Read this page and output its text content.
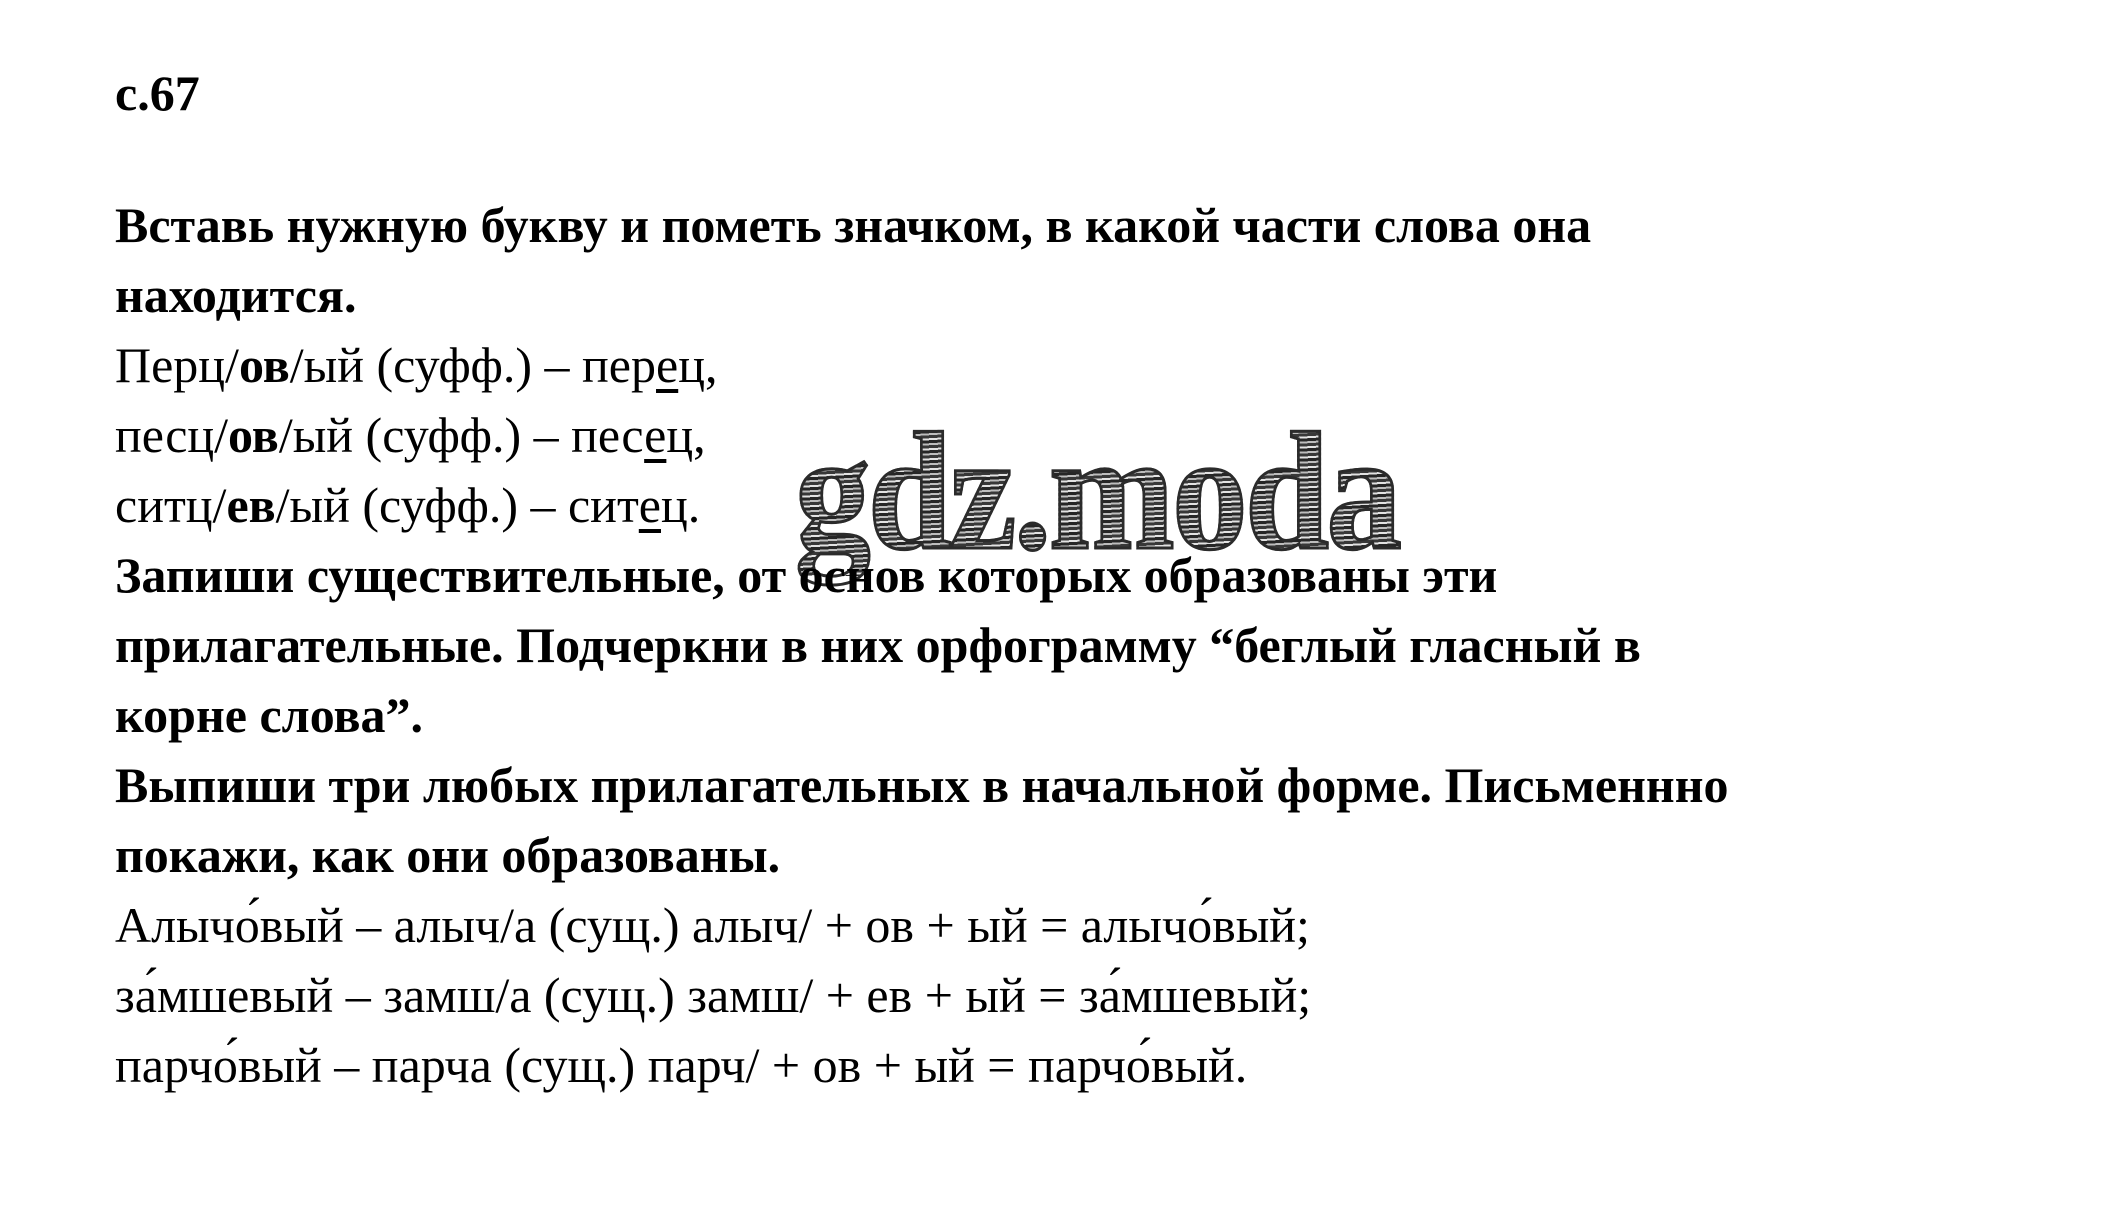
с.67
gdz.moda
Вставь нужную букву и пометь значком, в какой части слова она
находится.
Перц/ов/ый (суфф.) – перец,
песц/ов/ый (суфф.) – песец,
ситц/ев/ый (суфф.) – ситец.
Запиши существительные, от основ которых образованы эти
прилагательные. Подчеркни в них орфограмму “беглый гласный в
корне слова”.
Выпиши три любых прилагательных в начальной форме. Письменнно
покажи, как они образованы.
Алычо́вый – алыч/а (сущ.) алыч/ + ов + ый = алычо́вый;
за́мшевый – замш/а (сущ.) замш/ + ев + ый = за́мшевый;
парчо́вый – парча (сущ.) парч/ + ов + ый = парчо́вый.
